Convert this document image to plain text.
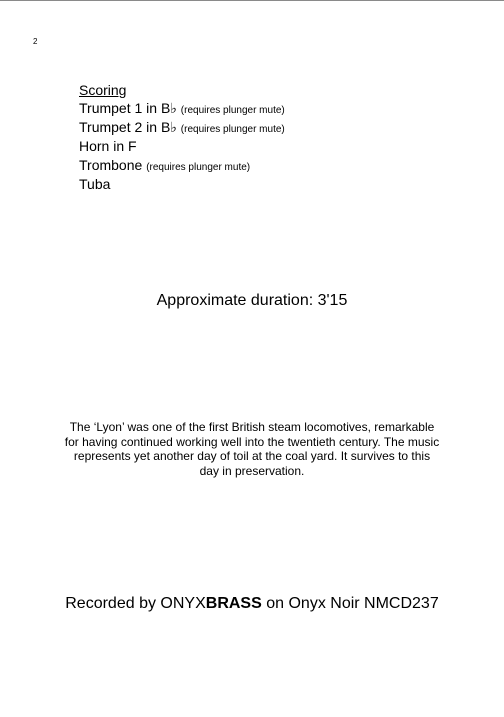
2
Scoring
Trumpet 1 in B♭ (requires plunger mute)
Trumpet 2 in B♭ (requires plunger mute)
Horn in F
Trombone (requires plunger mute)
Tuba
Approximate duration: 3'15
The ‘Lyon’ was one of the first British steam locomotives, remarkable for having continued working well into the twentieth century. The music represents yet another day of toil at the coal yard. It survives to this day in preservation.
Recorded by ONYXBRASS on Onyx Noir NMCD237
